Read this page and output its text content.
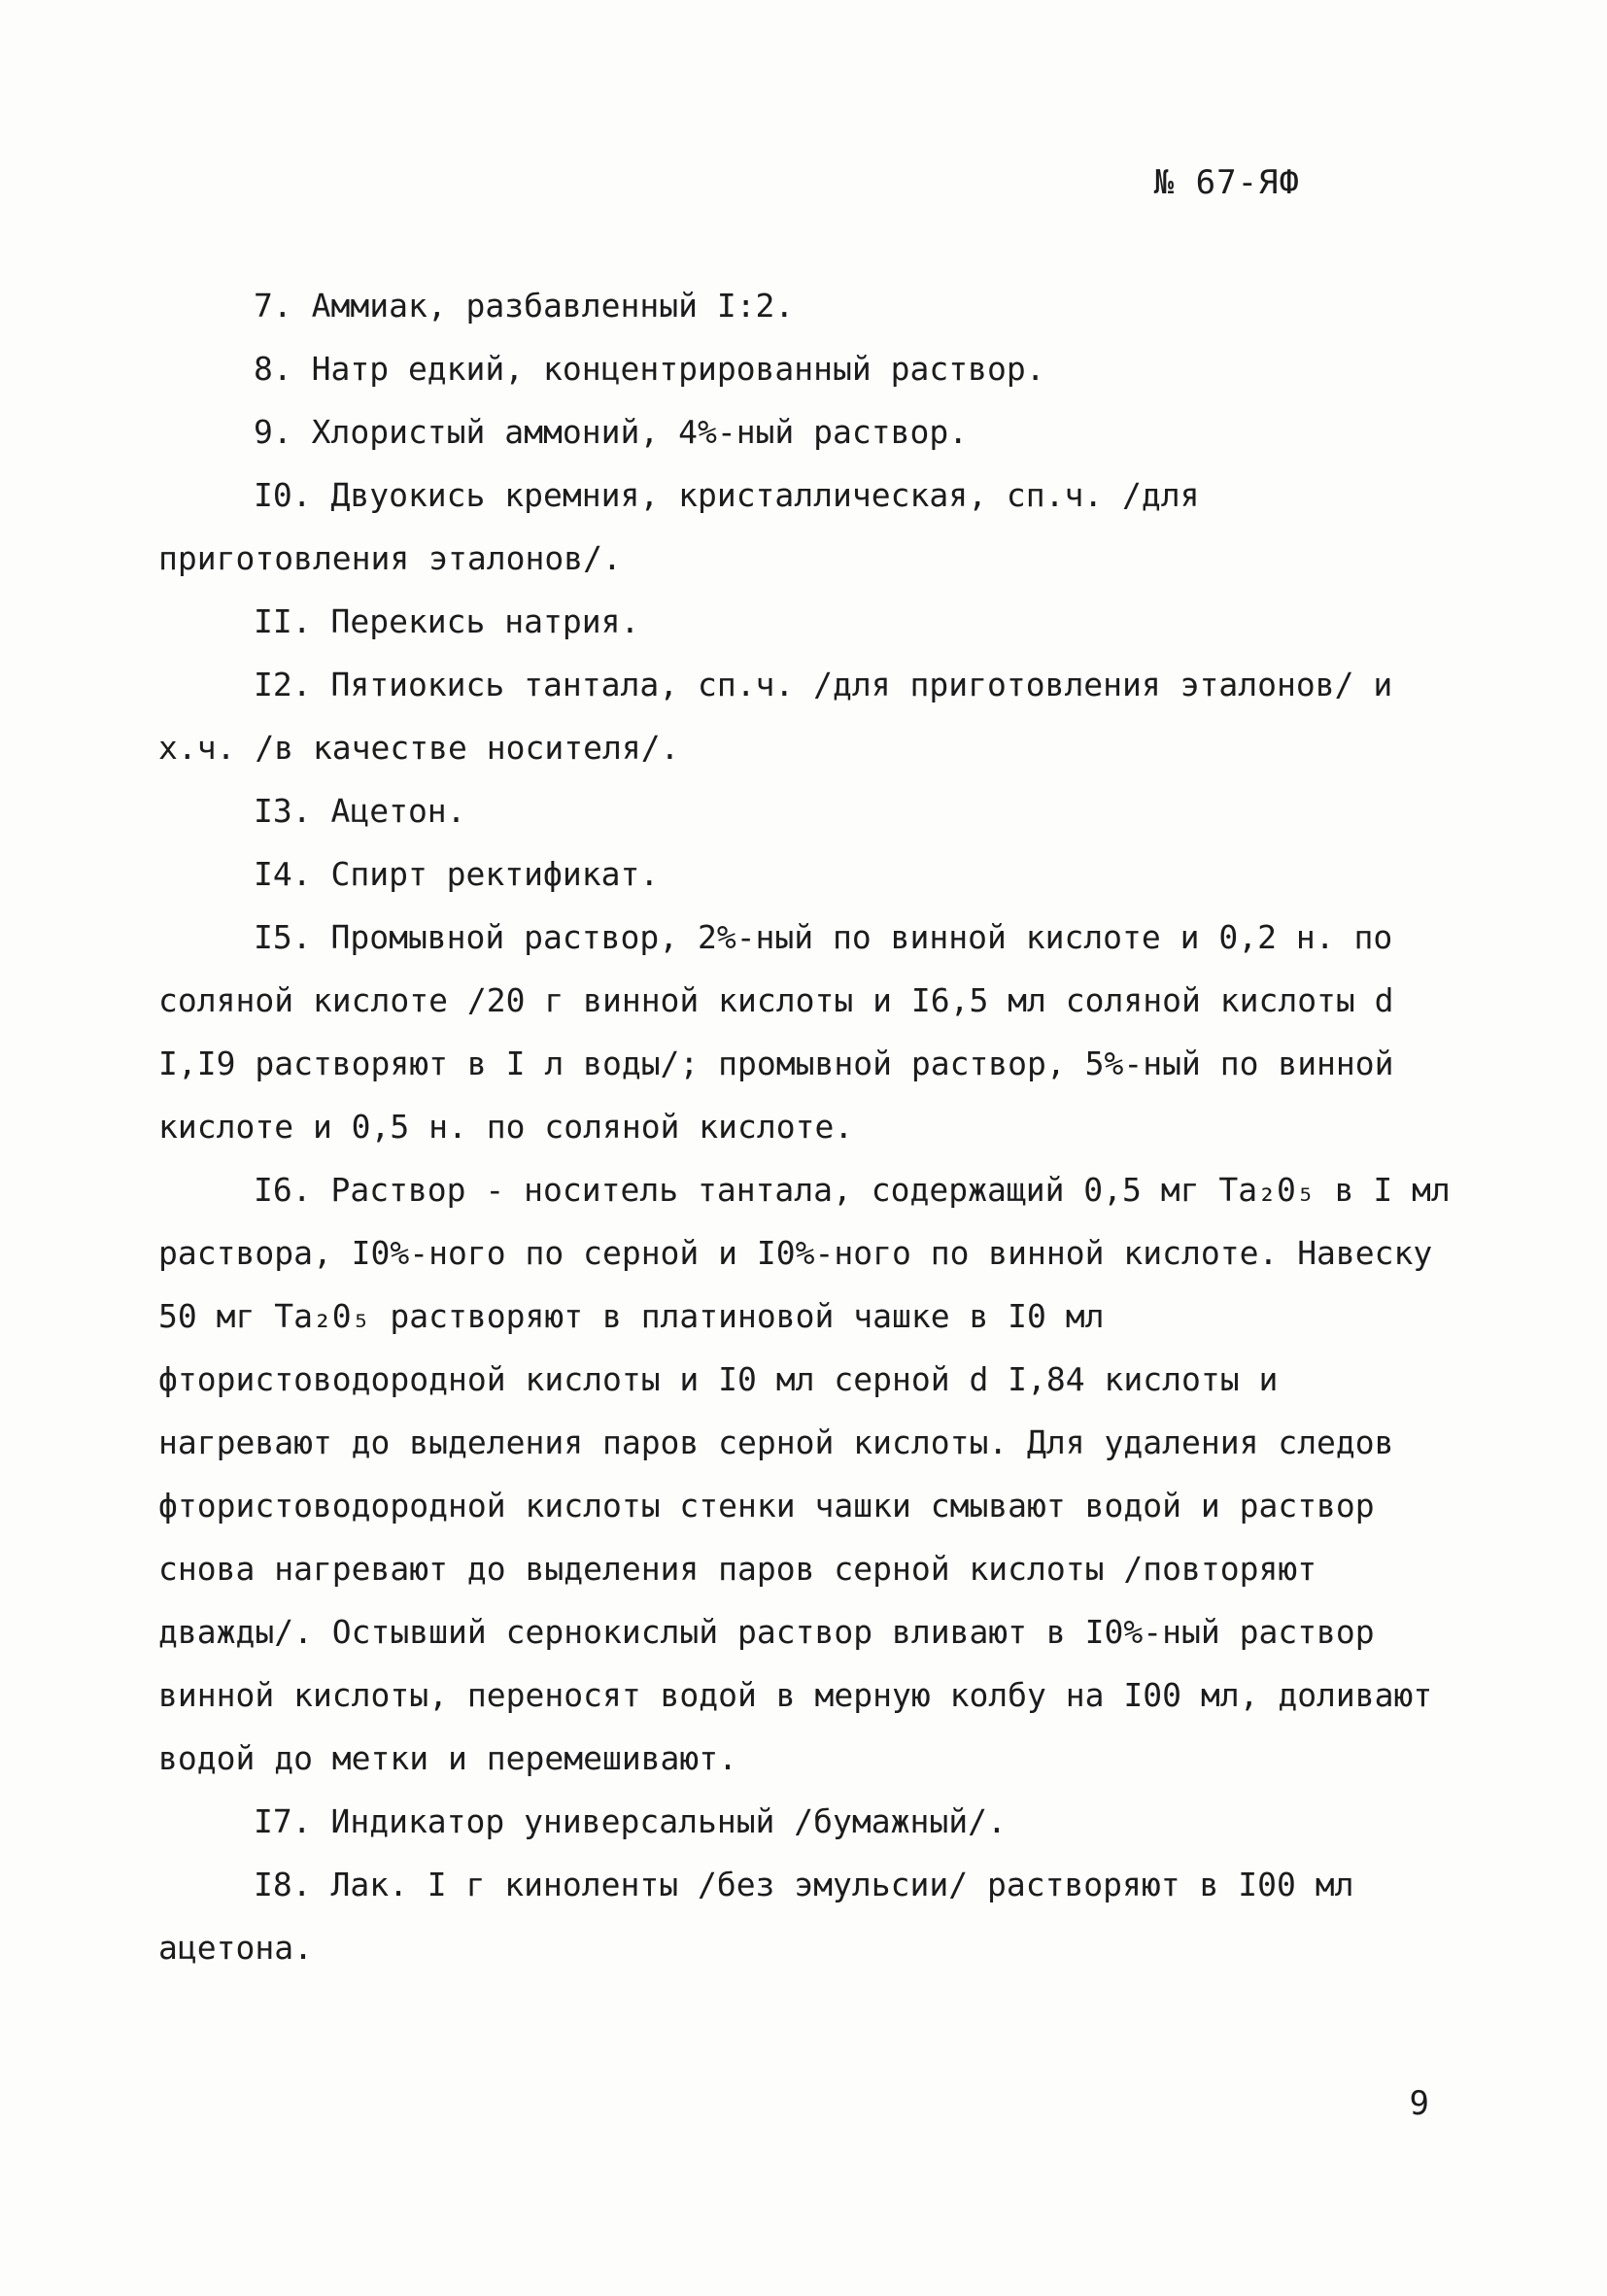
№ 67-ЯФ

7. Аммиак, разбавленный I:2.

8. Натр едкий, концентрированный раствор.

9. Хлористый аммоний, 4%-ный раствор.

I0. Двуокись кремния, кристаллическая, сп.ч. /для приготовления эталонов/.

II. Перекись натрия.

I2. Пятиокись тантала, сп.ч. /для приготовления эталонов/ и х.ч. /в качестве носителя/.

I3. Ацетон.

I4. Спирт ректификат.

I5. Промывной раствор, 2%-ный по винной кислоте и 0,2 н. по соляной кислоте /20 г винной кислоты и I6,5 мл соляной кислоты d I,I9 растворяют в I л воды/; промывной раствор, 5%-ный по винной кислоте и 0,5 н. по соляной кислоте.

I6. Раствор - носитель тантала, содержащий 0,5 мг Ta₂0₅ в I мл раствора, I0%-ного по серной и I0%-ного по винной кислоте. Навеску 50 мг Ta₂0₅ растворяют в платиновой чашке в I0 мл фтористоводородной кислоты и I0 мл серной d I,84 кислоты и нагревают до выделения паров серной кислоты. Для удаления следов фтористоводородной кислоты стенки чашки смывают водой и раствор снова нагревают до выделения паров серной кислоты /повторяют дважды/. Остывший сернокислый раствор вливают в I0%-ный раствор винной кислоты, переносят водой в мерную колбу на I00 мл, доливают водой до метки и перемешивают.

I7. Индикатор универсальный /бумажный/.

I8. Лак. I г киноленты /без эмульсии/ растворяют в I00 мл ацетона.

9
